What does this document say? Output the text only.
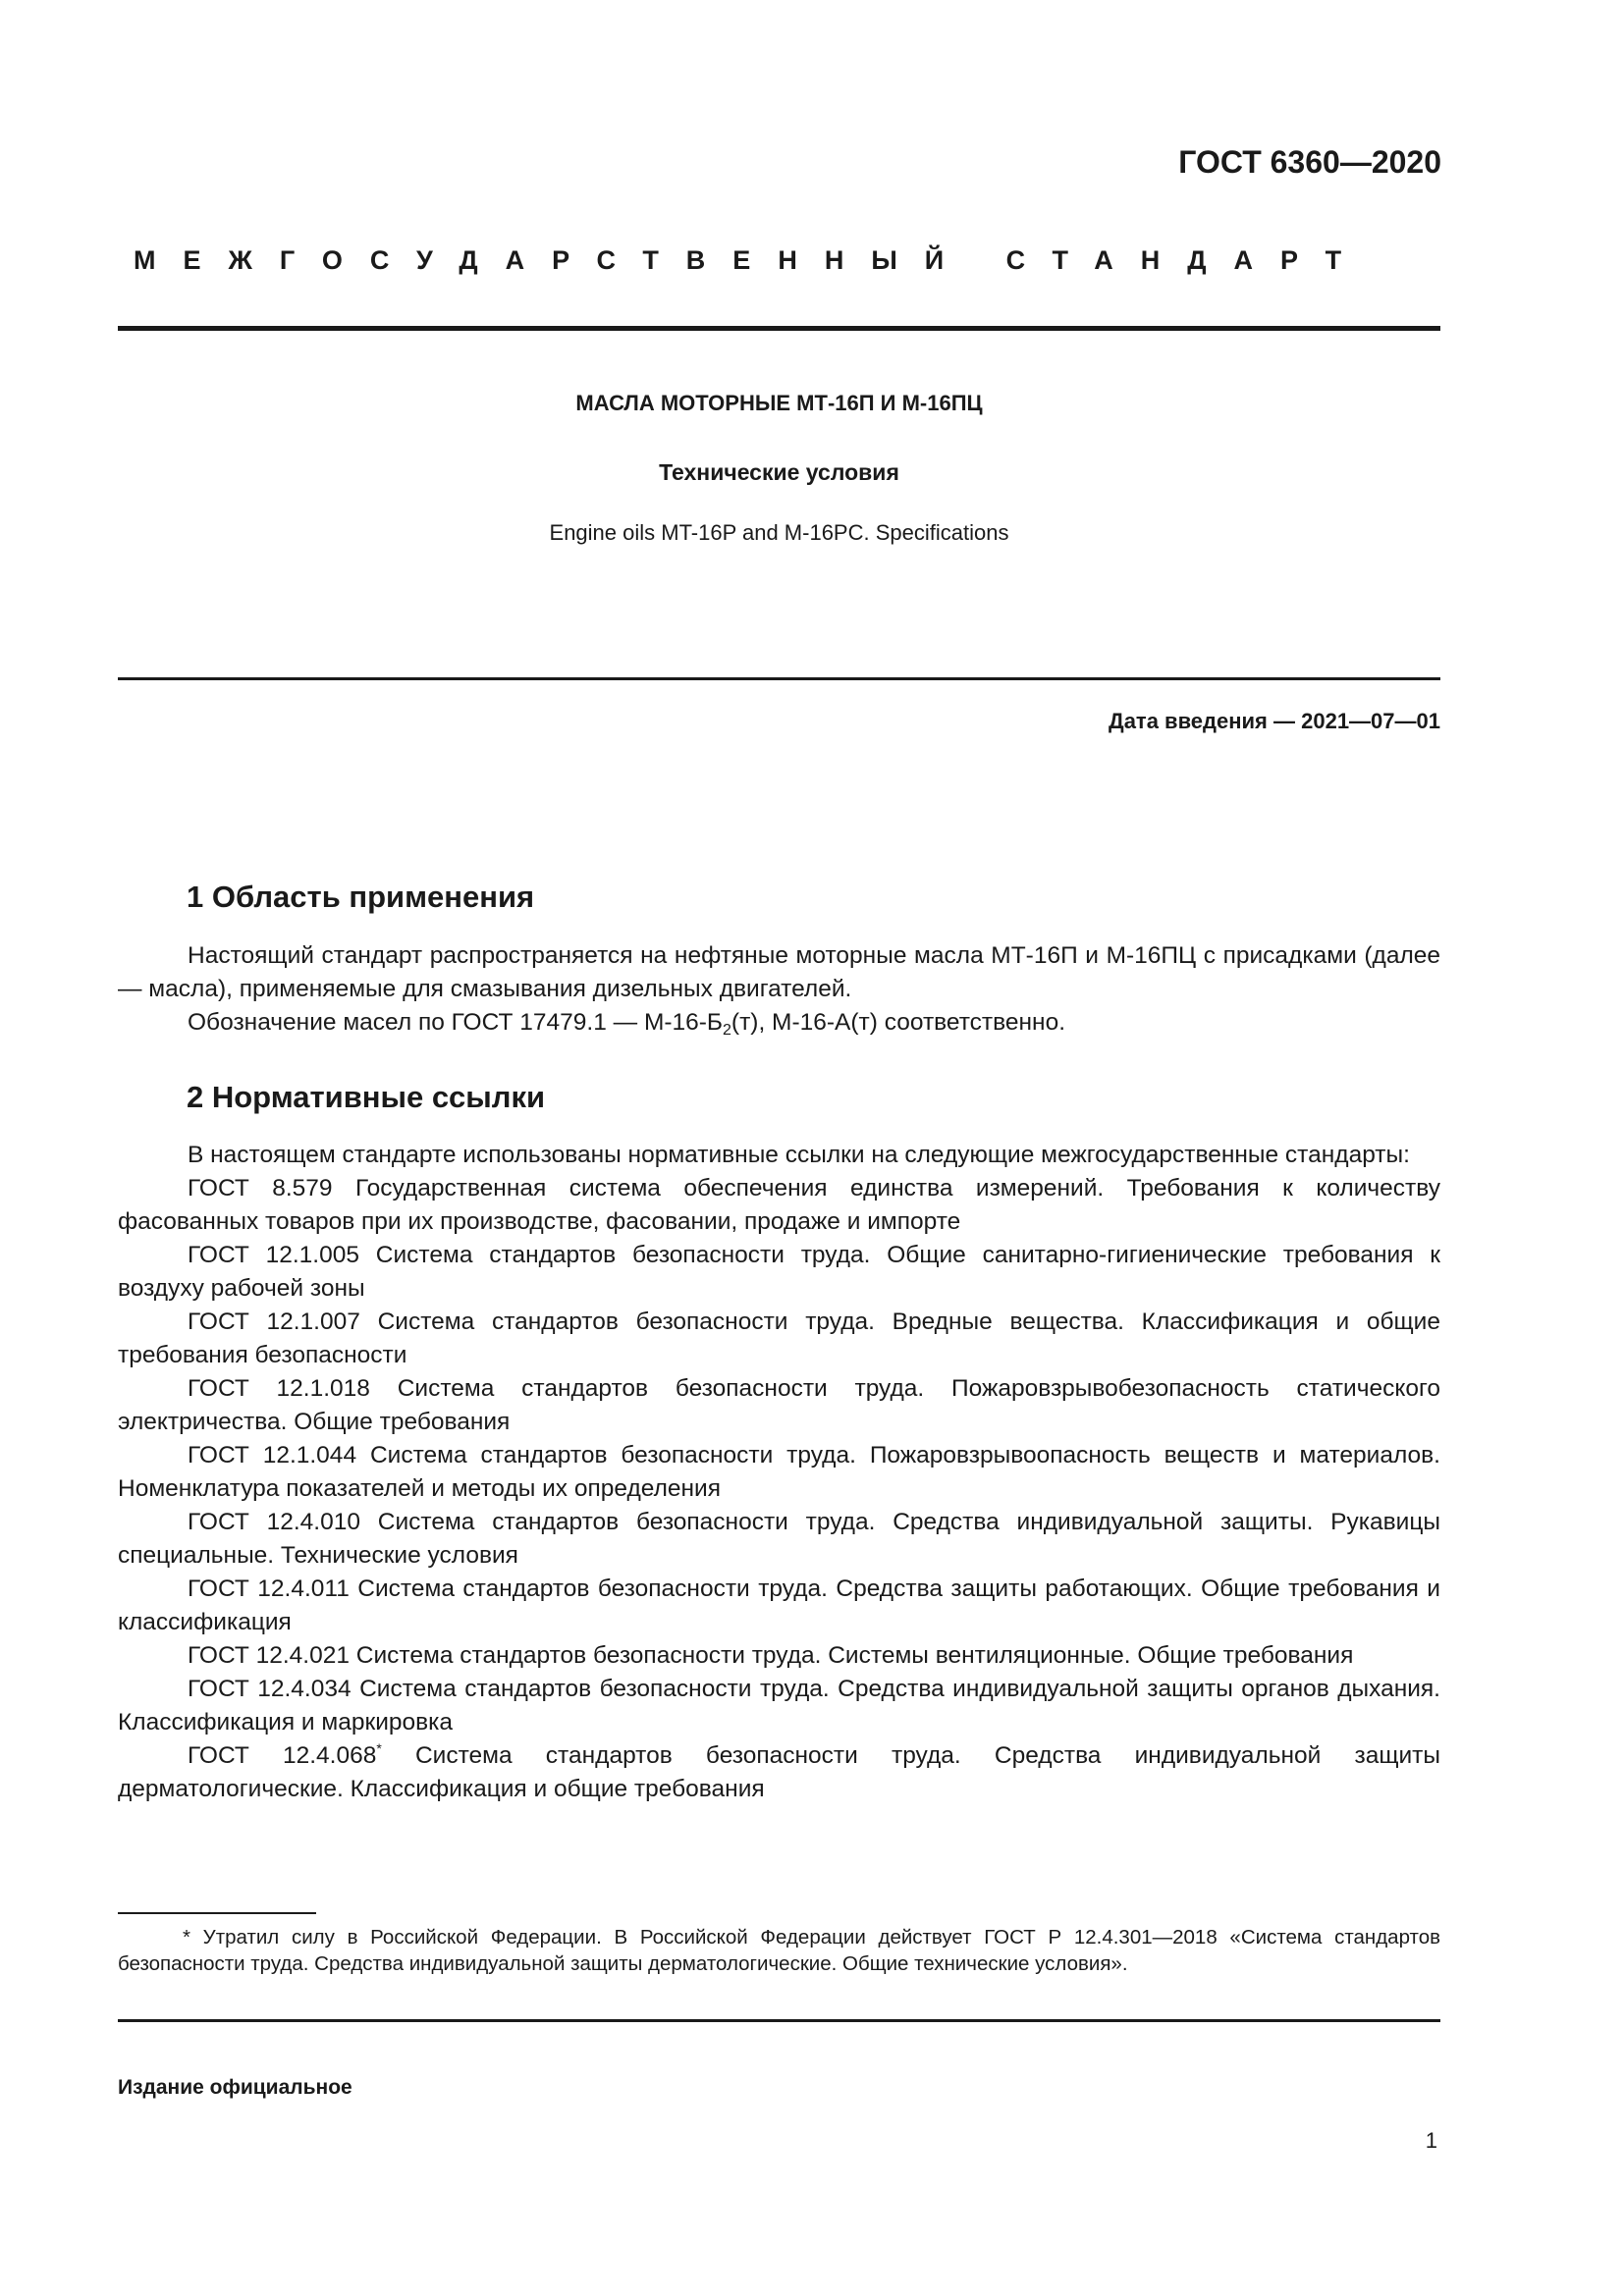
ГОСТ 6360—2020
МЕЖГОСУДАРСТВЕННЫЙ СТАНДАРТ
МАСЛА МОТОРНЫЕ МТ-16П И М-16ПЦ
Технические условия
Engine oils MT-16P and M-16PC. Specifications
Дата введения — 2021—07—01
1 Область применения

Настоящий стандарт распространяется на нефтяные моторные масла МТ-16П и М-16ПЦ с присадками (далее — масла), применяемые для смазывания дизельных двигателей.

Обозначение масел по ГОСТ 17479.1 — $М-16-Б_2(т)$, М-16-А(т) соответственно.

2 Нормативные ссылки

В настоящем стандарте использованы нормативные ссылки на следующие межгосударственные стандарты:

ГОСТ 8.579 Государственная система обеспечения единства измерений. Требования к количеству фасованных товаров при их производстве, фасовании, продаже и импорте

ГОСТ 12.1.005 Система стандартов безопасности труда. Общие санитарно-гигиенические требования к воздуху рабочей зоны

ГОСТ 12.1.007 Система стандартов безопасности труда. Вредные вещества. Классификация и общие требования безопасности

ГОСТ 12.1.018 Система стандартов безопасности труда. Пожаровзрывобезопасность статического электричества. Общие требования

ГОСТ 12.1.044 Система стандартов безопасности труда. Пожаровзрывоопасность веществ и материалов. Номенклатура показателей и методы их определения

ГОСТ 12.4.010 Система стандартов безопасности труда. Средства индивидуальной защиты. Рукавицы специальные. Технические условия

ГОСТ 12.4.011 Система стандартов безопасности труда. Средства защиты работающих. Общие требования и классификация

ГОСТ 12.4.021 Система стандартов безопасности труда. Системы вентиляционные. Общие требования

ГОСТ 12.4.034 Система стандартов безопасности труда. Средства индивидуальной защиты органов дыхания. Классификация и маркировка

ГОСТ 12.4.068* Система стандартов безопасности труда. Средства индивидуальной защиты дерматологические. Классификация и общие требования

* Утратил силу в Российской Федерации. В Российской Федерации действует ГОСТ Р 12.4.301—2018 «Система стандартов безопасности труда. Средства индивидуальной защиты дерматологические. Общие технические условия».

Издание официальное
1
